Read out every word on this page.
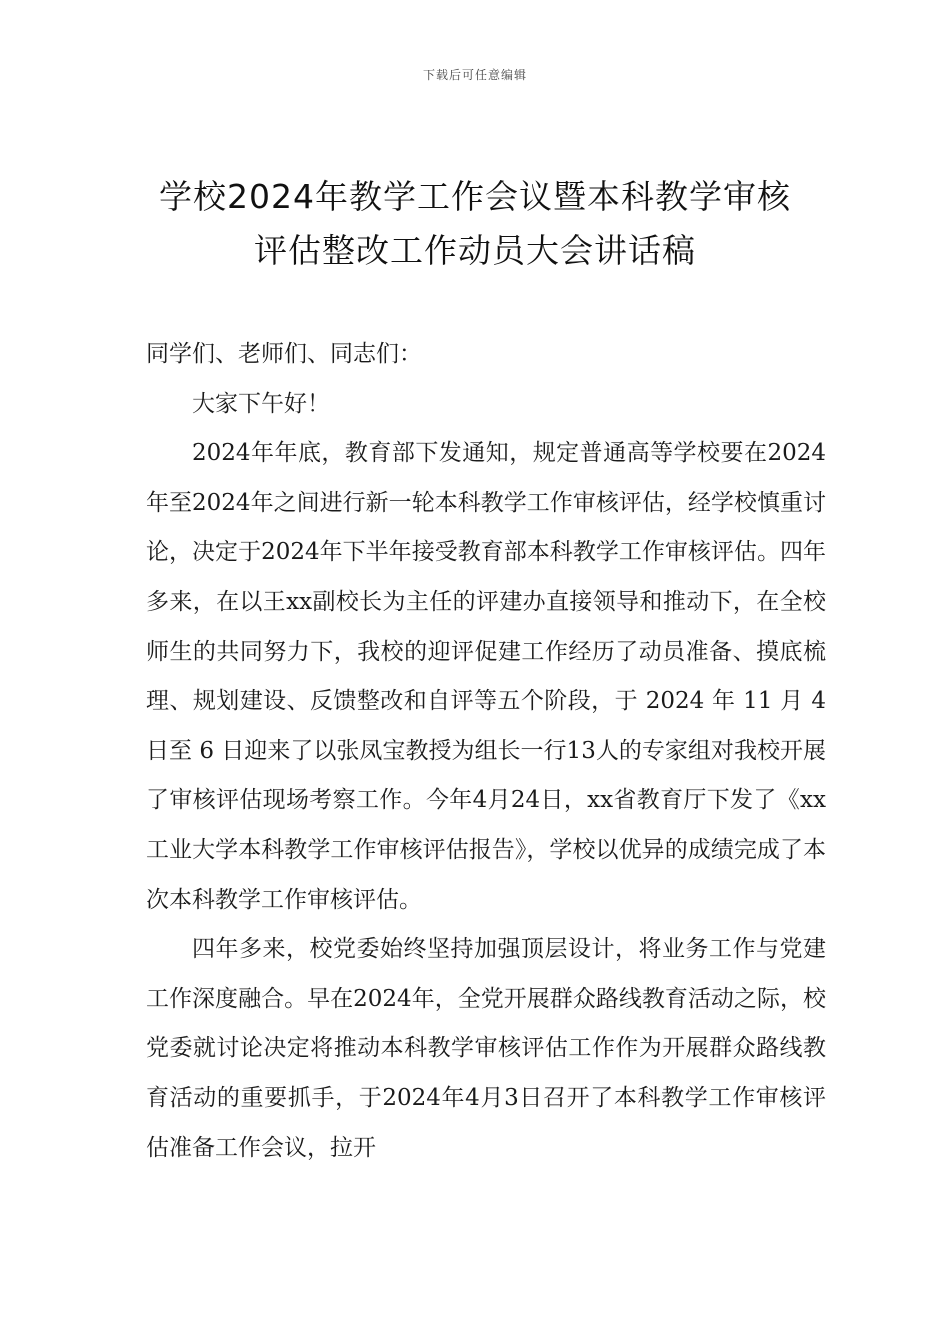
下载后可任意编辑
学校2024年教学工作会议暨本科教学审核
评估整改工作动员大会讲话稿

同学们、老师们、同志们：

大家下午好！

2024年年底，教育部下发通知，规定普通高等学校要在2024年至2024年之间进行新一轮本科教学工作审核评估，经学校慎重讨论，决定于2024年下半年接受教育部本科教学工作审核评估。四年多来，在以王xx副校长为主任的评建办直接领导和推动下，在全校师生的共同努力下，我校的迎评促建工作经历了动员准备、摸底梳理、规划建设、反馈整改和自评等五个阶段，于 2024 年 11 月 4 日至 6 日迎来了以张凤宝教授为组长一行13人的专家组对我校开展了审核评估现场考察工作。今年4月24日，xx省教育厅下发了《xx工业大学本科教学工作审核评估报告》，学校以优异的成绩完成了本次本科教学工作审核评估。

四年多来，校党委始终坚持加强顶层设计，将业务工作与党建工作深度融合。早在2024年，全党开展群众路线教育活动之际，校党委就讨论决定将推动本科教学审核评估工作作为开展群众路线教育活动的重要抓手，于2024年4月3日召开了本科教学工作审核评估准备工作会议，拉开
